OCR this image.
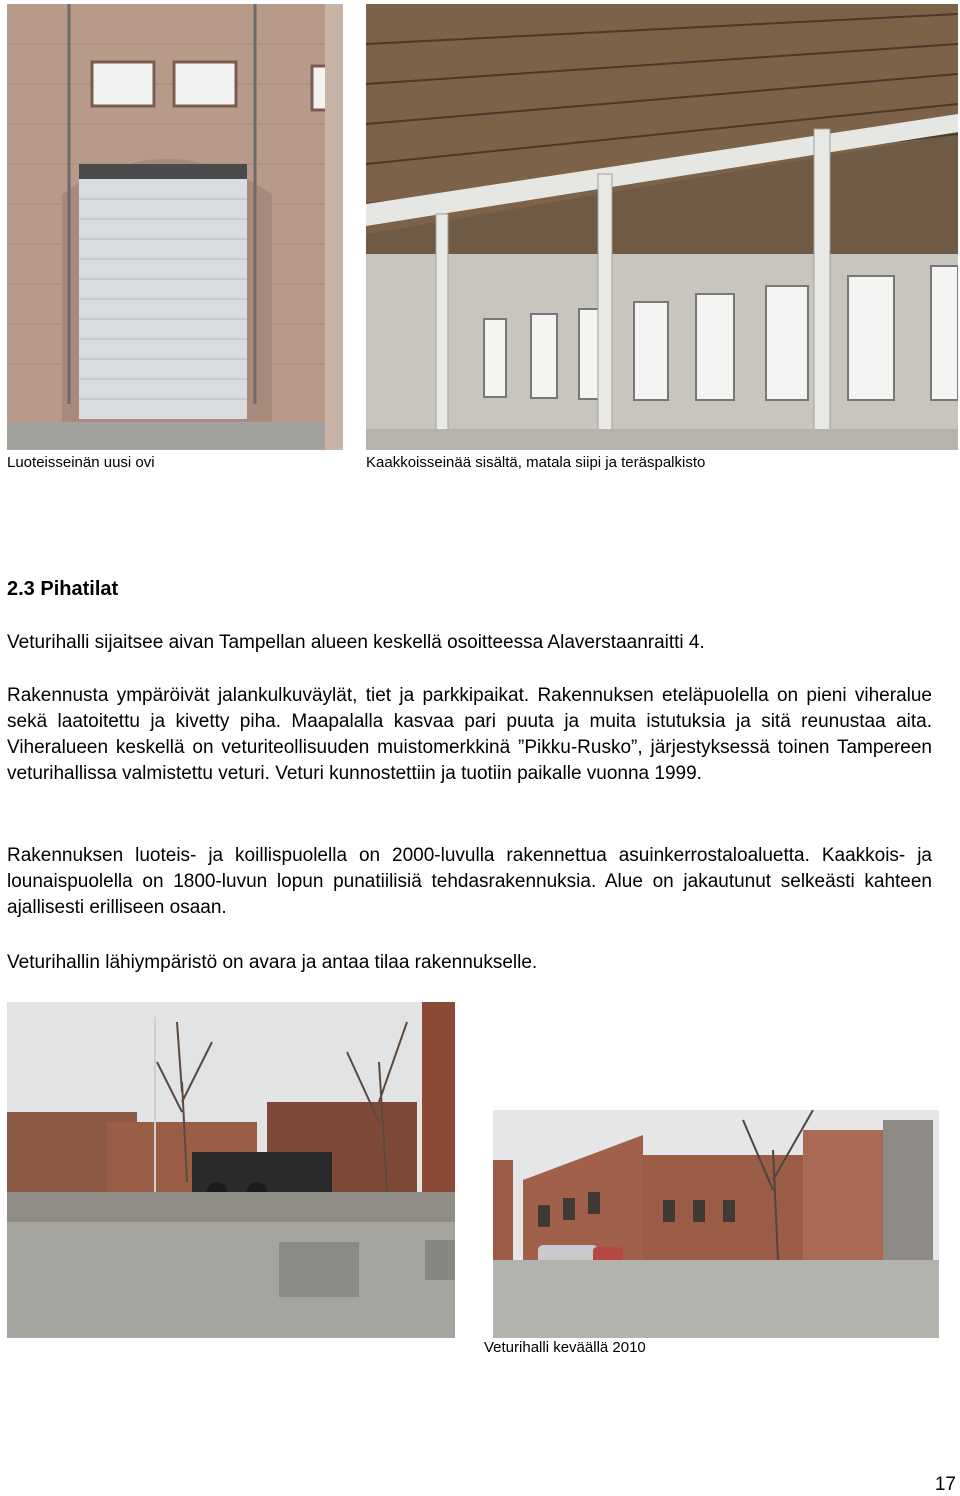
Luoteisseinän uusi ovi	Kaakkoisseinää sisältä, matala siipi ja teräspalkisto
2.3 Pihatilat

Veturihalli sijaitsee aivan Tampellan alueen keskellä osoitteessa Alaverstaanraitti 4.

Rakennusta ympäröivät jalankulkuväylät, tiet ja parkkipaikat. Rakennuksen eteläpuolella on pieni viheralue sekä laatoitettu ja kivetty piha. Maapalalla kasvaa pari puuta ja muita istutuksia ja sitä reunustaa aita. Viheralueen keskellä on veturiteollisuuden muistomerkkinä ”Pikku-Rusko”, järjestyksessä toinen Tampereen veturihallissa valmistettu veturi. Veturi kunnostettiin ja tuotiin paikalle vuonna 1999.

Rakennuksen luoteis- ja koillispuolella on 2000-luvulla rakennettua asuinkerrostaloaluetta. Kaakkois- ja lounaispuolella on 1800-luvun lopun punatiilisiä tehdasrakennuksia. Alue on jakautunut selkeästi kahteen ajallisesti erilliseen osaan.

Veturihallin lähiympäristö on avara ja antaa tilaa rakennukselle.

Veturihalli keväällä 2010
17
